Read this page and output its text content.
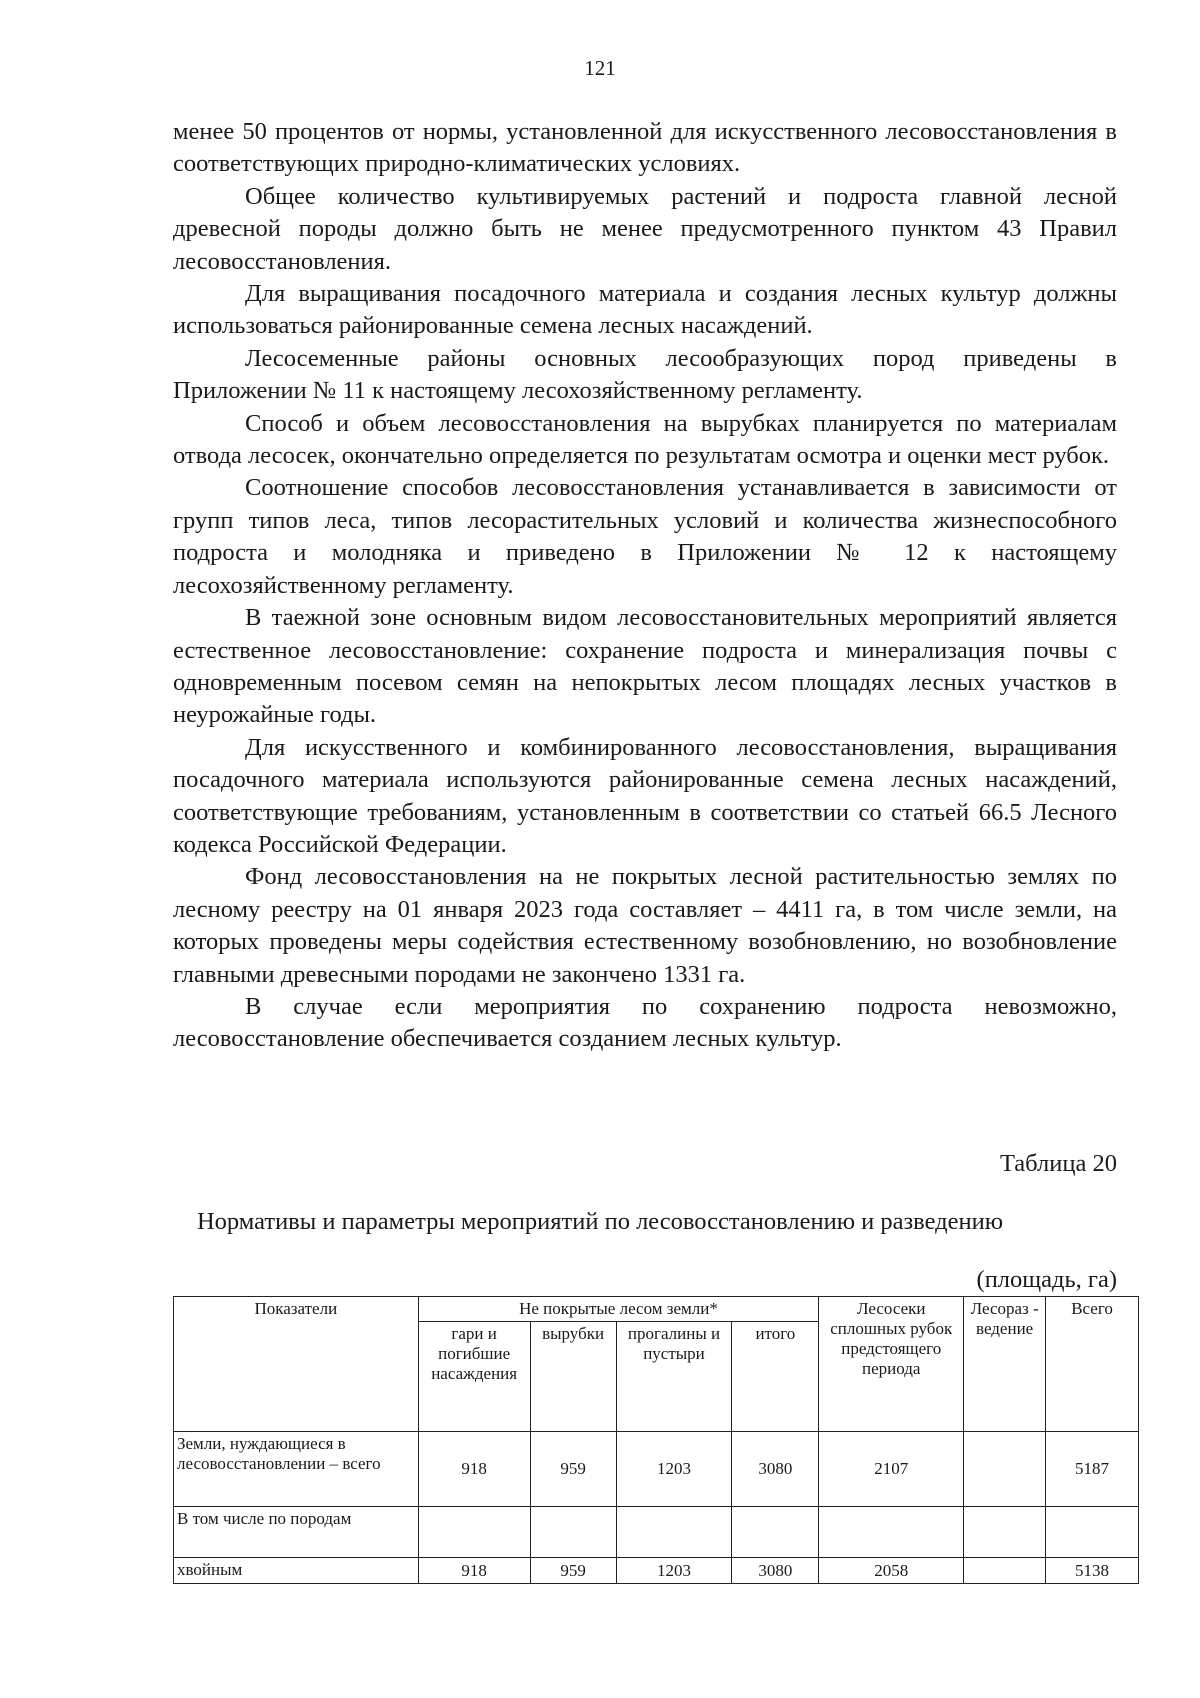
121

менее 50 процентов от нормы, установленной для искусственного лесовосстановления в соответствующих природно-климатических условиях.

Общее количество культивируемых растений и подроста главной лесной древесной породы должно быть не менее предусмотренного пунктом 43 Правил лесовосстановления.

Для выращивания посадочного материала и создания лесных культур должны использоваться районированные семена лесных насаждений.

Лесосеменные районы основных лесообразующих пород приведены в Приложении № 11 к настоящему лесохозяйственному регламенту.

Способ и объем лесовосстановления на вырубках планируется по материалам отвода лесосек, окончательно определяется по результатам осмотра и оценки мест рубок.

Соотношение способов лесовосстановления устанавливается в зависимости от групп типов леса, типов лесорастительных условий и количества жизнеспособного подроста и молодняка и приведено в Приложении № 12 к настоящему лесохозяйственному регламенту.

В таежной зоне основным видом лесовосстановительных мероприятий является естественное лесовосстановление: сохранение подроста и минерализация почвы с одновременным посевом семян на непокрытых лесом площадях лесных участков в неурожайные годы.

Для искусственного и комбинированного лесовосстановления, выращивания посадочного материала используются районированные семена лесных насаждений, соответствующие требованиям, установленным в соответствии со статьей 66.5 Лесного кодекса Российской Федерации.

Фонд лесовосстановления на не покрытых лесной растительностью землях по лесному реестру на 01 января 2023 года составляет – 4411 га, в том числе земли, на которых проведены меры содействия естественному возобновлению, но возобновление главными древесными породами не закончено 1331 га.

В случае если мероприятия по сохранению подроста невозможно, лесовосстановление обеспечивается созданием лесных культур.

Таблица 20
Нормативы и параметры мероприятий по лесовосстановлению и разведению
(площадь, га)
Показатели	Не покрытые лесом земли*				Лесосеки сплошных рубок предстоящего периода	Лесораз - ведение	Всего
	гари и погибшие насаждения	вырубки	прогалины и пустыри	итого			
Земли, нуждающиеся в лесовосстановлении – всего	918	959	1203	3080	2107		5187
В том числе по породам							
хвойным	918	959	1203	3080	2058		5138
